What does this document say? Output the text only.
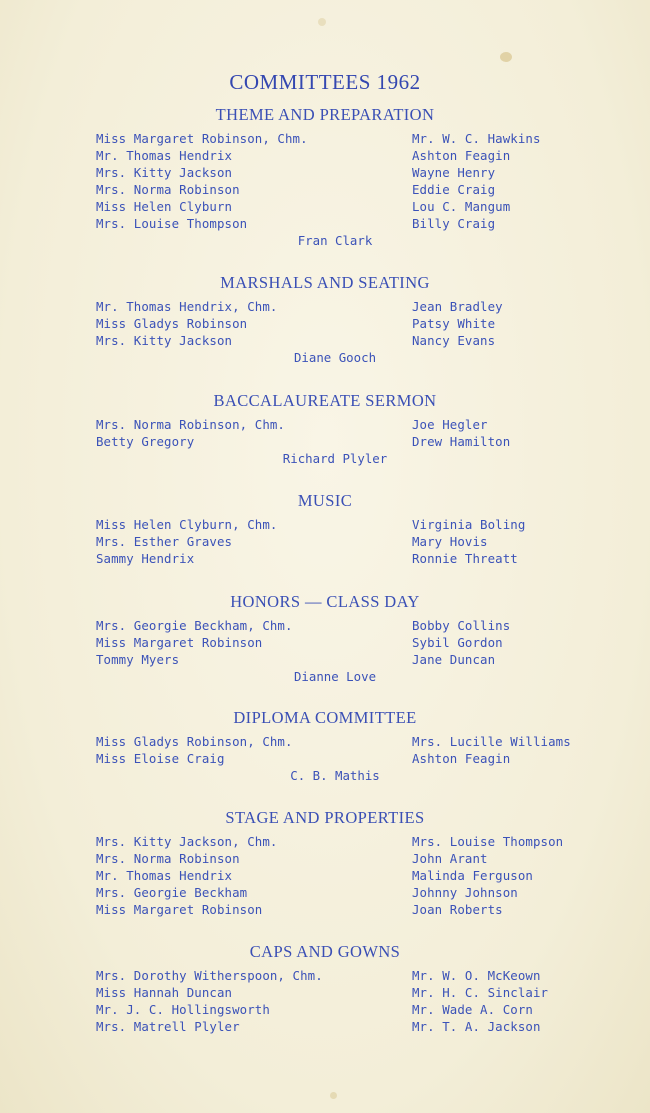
COMMITTEES 1962
THEME AND PREPARATION
Miss Margaret Robinson, Chm.
Mr. Thomas Hendrix
Mrs. Kitty Jackson
Mrs. Norma Robinson
Miss Helen Clyburn
Mrs. Louise Thompson
Mr. W. C. Hawkins
Ashton Feagin
Wayne Henry
Eddie Craig
Lou C. Mangum
Billy Craig
Fran Clark
MARSHALS AND SEATING
Mr. Thomas Hendrix, Chm.
Miss Gladys Robinson
Mrs. Kitty Jackson
Jean Bradley
Patsy White
Nancy Evans
Diane Gooch
BACCALAUREATE SERMON
Mrs. Norma Robinson, Chm.
Betty Gregory
Joe Hegler
Drew Hamilton
Richard Plyler
MUSIC
Miss Helen Clyburn, Chm.
Mrs. Esther Graves
Sammy Hendrix
Virginia Boling
Mary Hovis
Ronnie Threatt
HONORS — CLASS DAY
Mrs. Georgie Beckham, Chm.
Miss Margaret Robinson
Tommy Myers
Bobby Collins
Sybil Gordon
Jane Duncan
Dianne Love
DIPLOMA COMMITTEE
Miss Gladys Robinson, Chm.
Miss Eloise Craig
Mrs. Lucille Williams
Ashton Feagin
C. B. Mathis
STAGE AND PROPERTIES
Mrs. Kitty Jackson, Chm.
Mrs. Norma Robinson
Mr. Thomas Hendrix
Mrs. Georgie Beckham
Miss Margaret Robinson
Mrs. Louise Thompson
John Arant
Malinda Ferguson
Johnny Johnson
Joan Roberts
CAPS AND GOWNS
Mrs. Dorothy Witherspoon, Chm.
Miss Hannah Duncan
Mr. J. C. Hollingsworth
Mrs. Matrell Plyler
Mr. W. O. McKeown
Mr. H. C. Sinclair
Mr. Wade A. Corn
Mr. T. A. Jackson
